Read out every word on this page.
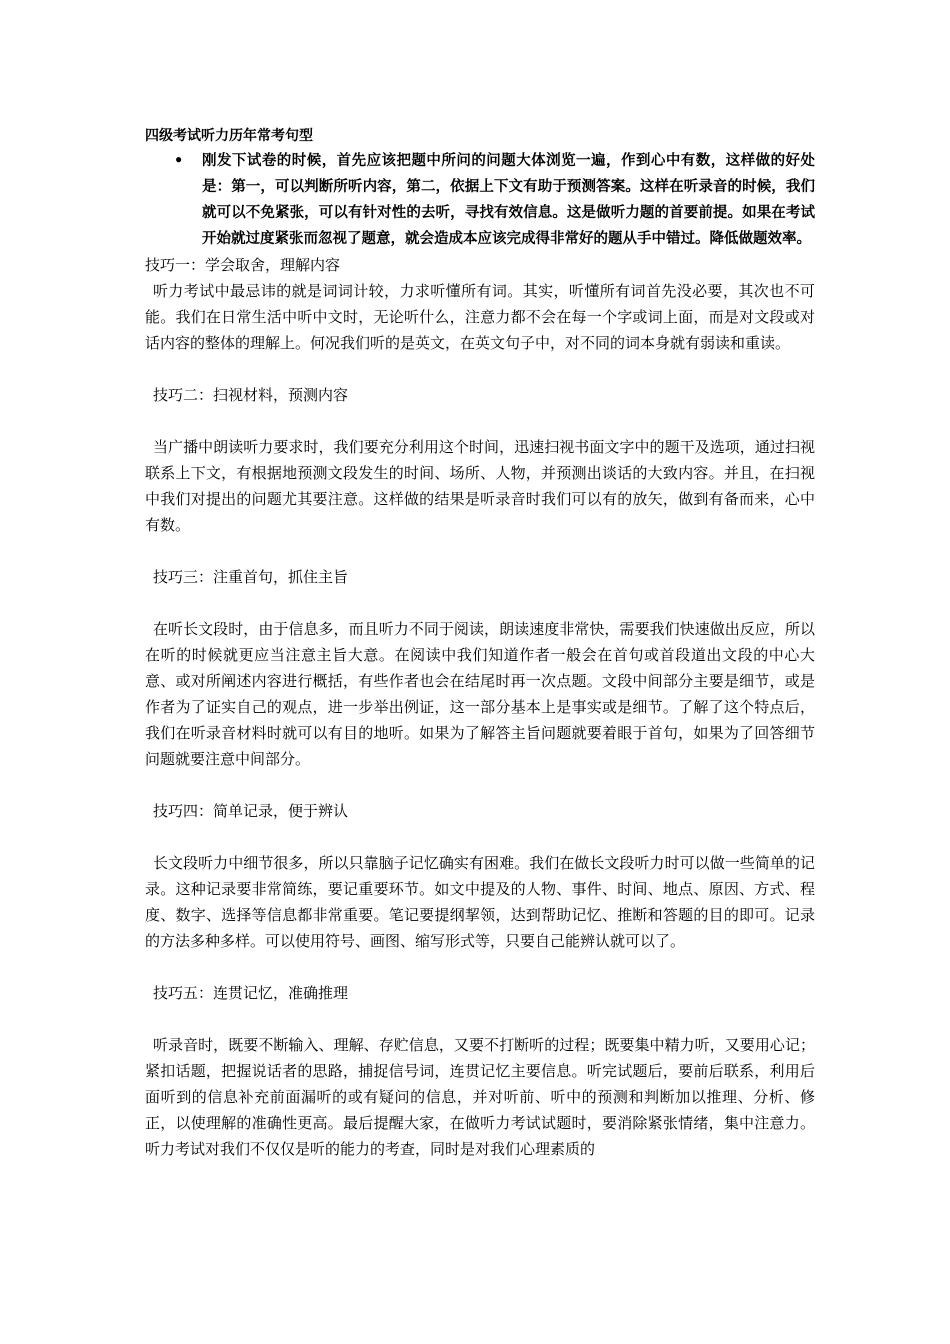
四级考试听力历年常考句型

• 刚发下试卷的时候，首先应该把题中所问的问题大体浏览一遍，作到心中有数，这样做的好处是：第一，可以判断所听内容，第二，依据上下文有助于预测答案。这样在听录音的时候，我们就可以不免紧张，可以有针对性的去听，寻找有效信息。这是做听力题的首要前提。如果在考试开始就过度紧张而忽视了题意，就会造成本应该完成得非常好的题从手中错过。降低做题效率。

技巧一：学会取舍，理解内容

听力考试中最忌讳的就是词词计较，力求听懂所有词。其实，听懂所有词首先没必要，其次也不可能。我们在日常生活中听中文时，无论听什么，注意力都不会在每一个字或词上面，而是对文段或对话内容的整体的理解上。何况我们听的是英文，在英文句子中，对不同的词本身就有弱读和重读。

技巧二：扫视材料，预测内容

当广播中朗读听力要求时，我们要充分利用这个时间，迅速扫视书面文字中的题干及选项，通过扫视联系上下文，有根据地预测文段发生的时间、场所、人物，并预测出谈话的大致内容。并且，在扫视中我们对提出的问题尤其要注意。这样做的结果是听录音时我们可以有的放矢，做到有备而来，心中有数。

技巧三：注重首句，抓住主旨

在听长文段时，由于信息多，而且听力不同于阅读，朗读速度非常快，需要我们快速做出反应，所以在听的时候就更应当注意主旨大意。在阅读中我们知道作者一般会在首句或首段道出文段的中心大意、或对所阐述内容进行概括，有些作者也会在结尾时再一次点题。文段中间部分主要是细节，或是作者为了证实自己的观点，进一步举出例证，这一部分基本上是事实或是细节。了解了这个特点后，我们在听录音材料时就可以有目的地听。如果为了解答主旨问题就要着眼于首句，如果为了回答细节问题就要注意中间部分。

技巧四：简单记录，便于辨认

长文段听力中细节很多，所以只靠脑子记忆确实有困难。我们在做长文段听力时可以做一些简单的记录。这种记录要非常简练，要记重要环节。如文中提及的人物、事件、时间、地点、原因、方式、程度、数字、选择等信息都非常重要。笔记要提纲挈领，达到帮助记忆、推断和答题的目的即可。记录的方法多种多样。可以使用符号、画图、缩写形式等，只要自己能辨认就可以了。

技巧五：连贯记忆，准确推理

听录音时，既要不断输入、理解、存贮信息，又要不打断听的过程；既要集中精力听，又要用心记；紧扣话题，把握说话者的思路，捕捉信号词，连贯记忆主要信息。听完试题后，要前后联系，利用后面听到的信息补充前面漏听的或有疑问的信息，并对听前、听中的预测和判断加以推理、分析、修正，以使理解的准确性更高。最后提醒大家，在做听力考试试题时，要消除紧张情绪，集中注意力。听力考试对我们不仅仅是听的能力的考查，同时是对我们心理素质的
